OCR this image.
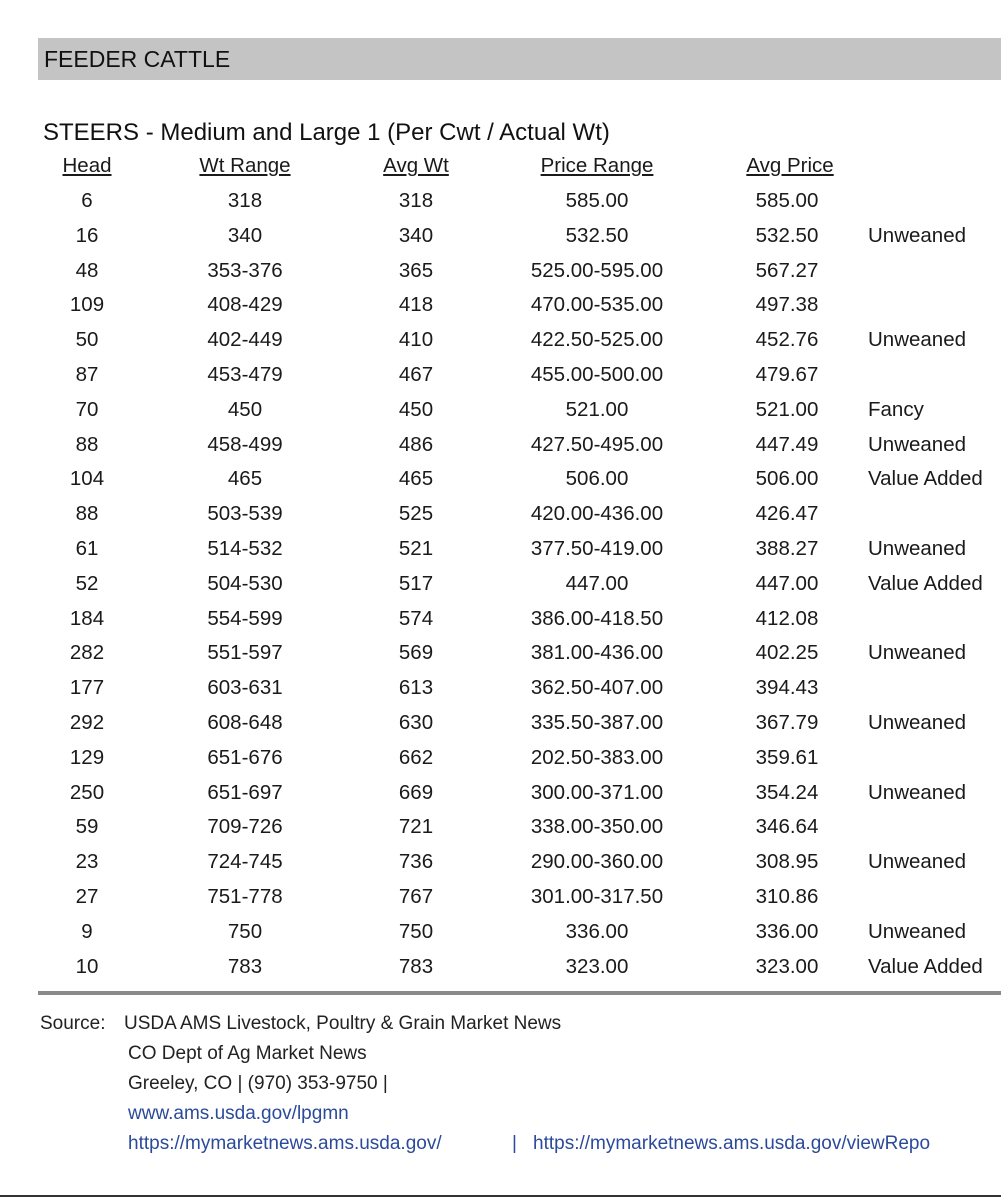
FEEDER CATTLE
STEERS - Medium and Large 1 (Per Cwt / Actual Wt)
Head	Wt Range	Avg Wt	Price Range	Avg Price
6	318	318	585.00	585.00
16	340	340	532.50	532.50 Unweaned
48	353-376	365	525.00-595.00	567.27
109	408-429	418	470.00-535.00	497.38
50	402-449	410	422.50-525.00	452.76 Unweaned
87	453-479	467	455.00-500.00	479.67
70	450	450	521.00	521.00 Fancy
88	458-499	486	427.50-495.00	447.49 Unweaned
104	465	465	506.00	506.00 Value Added
88	503-539	525	420.00-436.00	426.47
61	514-532	521	377.50-419.00	388.27 Unweaned
52	504-530	517	447.00	447.00 Value Added
184	554-599	574	386.00-418.50	412.08
282	551-597	569	381.00-436.00	402.25 Unweaned
177	603-631	613	362.50-407.00	394.43
292	608-648	630	335.50-387.00	367.79 Unweaned
129	651-676	662	202.50-383.00	359.61
250	651-697	669	300.00-371.00	354.24 Unweaned
59	709-726	721	338.00-350.00	346.64
23	724-745	736	290.00-360.00	308.95 Unweaned
27	751-778	767	301.00-317.50	310.86
9	750	750	336.00	336.00 Unweaned
10	783	783	323.00	323.00 Value Added
Source: USDA AMS Livestock, Poultry & Grain Market News
CO Dept of Ag Market News
Greeley, CO | (970) 353-9750 |
www.ams.usda.gov/lpgmn
https://mymarketnews.ams.usda.gov/	| https://mymarketnews.ams.usda.gov/viewRepo
